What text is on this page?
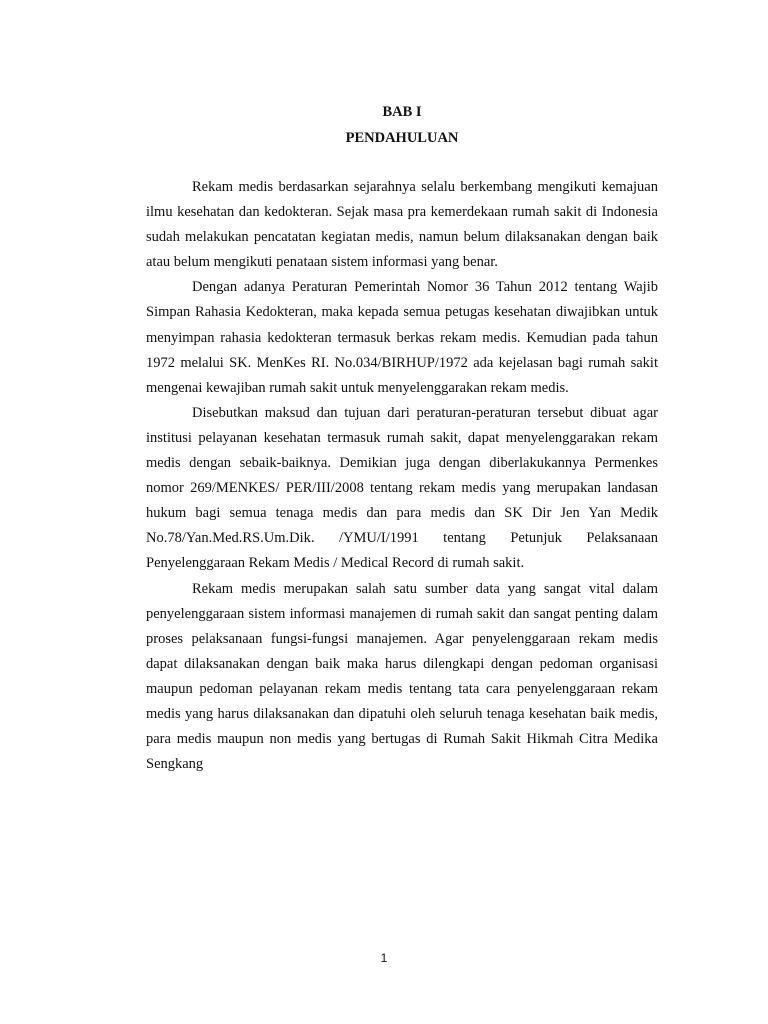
BAB I
PENDAHULUAN

Rekam medis berdasarkan sejarahnya selalu berkembang mengikuti kemajuan ilmu kesehatan dan kedokteran. Sejak masa pra kemerdekaan rumah sakit di Indonesia sudah melakukan pencatatan kegiatan medis, namun belum dilaksanakan dengan baik atau belum mengikuti penataan sistem informasi yang benar.

Dengan adanya Peraturan Pemerintah Nomor 36 Tahun 2012 tentang Wajib Simpan Rahasia Kedokteran, maka kepada semua petugas kesehatan diwajibkan untuk menyimpan rahasia kedokteran termasuk berkas rekam medis. Kemudian pada tahun 1972 melalui SK. MenKes RI. No.034/BIRHUP/1972 ada kejelasan bagi rumah sakit mengenai kewajiban rumah sakit untuk menyelenggarakan rekam medis.

Disebutkan maksud dan tujuan dari peraturan-peraturan tersebut dibuat agar institusi pelayanan kesehatan termasuk rumah sakit, dapat menyelenggarakan rekam medis dengan sebaik-baiknya. Demikian juga dengan diberlakukannya Permenkes nomor 269/MENKES/ PER/III/2008 tentang rekam medis yang merupakan landasan hukum bagi semua tenaga medis dan para medis dan SK Dir Jen Yan Medik No.78/Yan.Med.RS.Um.Dik. /YMU/I/1991 tentang Petunjuk Pelaksanaan Penyelenggaraan Rekam Medis / Medical Record di rumah sakit.

Rekam medis merupakan salah satu sumber data yang sangat vital dalam penyelenggaraan sistem informasi manajemen di rumah sakit dan sangat penting dalam proses pelaksanaan fungsi-fungsi manajemen. Agar penyelenggaraan rekam medis dapat dilaksanakan dengan baik maka harus dilengkapi dengan pedoman organisasi maupun pedoman pelayanan rekam medis tentang tata cara penyelenggaraan rekam medis yang harus dilaksanakan dan dipatuhi oleh seluruh tenaga kesehatan baik medis, para medis maupun non medis yang bertugas di Rumah Sakit Hikmah Citra Medika Sengkang

1
